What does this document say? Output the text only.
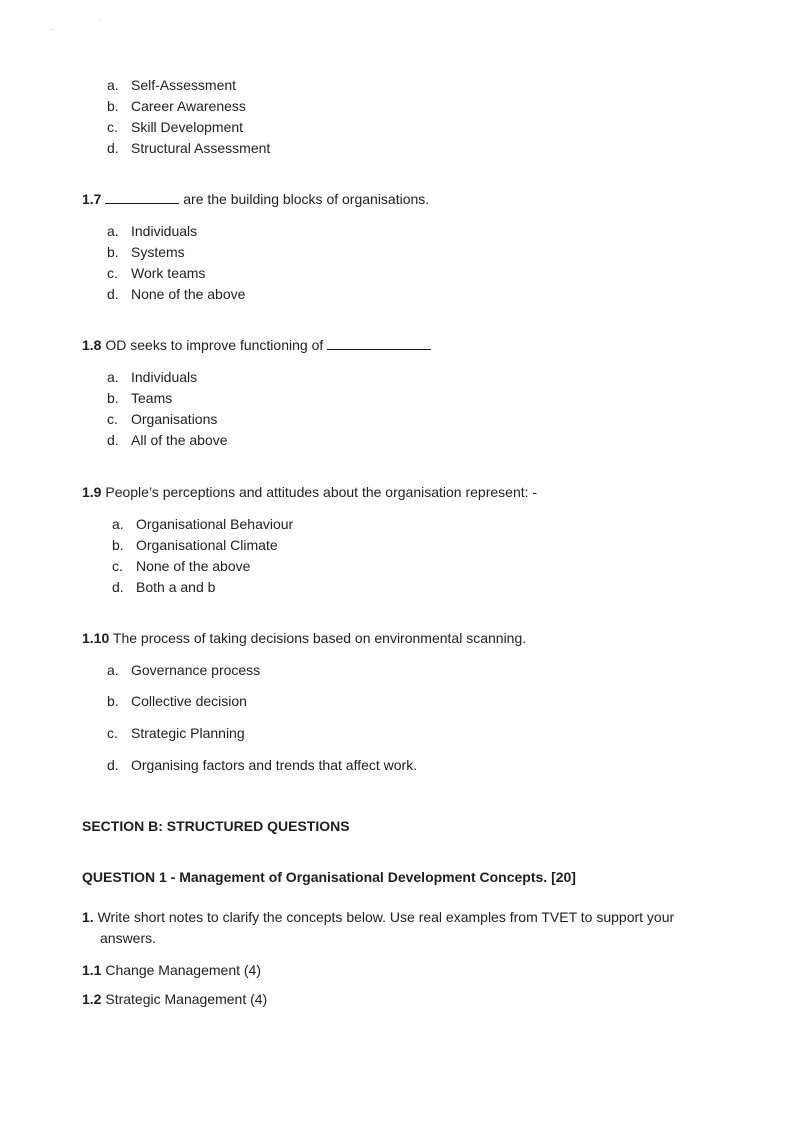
..	'
a. Self-Assessment
b. Career Awareness
c. Skill Development
d. Structural Assessment
1.7	are the building blocks of organisations.
a. Individuals
b. Systems
c. Work teams
d. None of the above
1.8 OD seeks to improve functioning of
a. Individuals
b. Teams
c. Organisations
d. All of the above
1.9 People’s perceptions and attitudes about the organisation represent: -
a. Organisational Behaviour
b. Organisational Climate
c. None of the above
d. Both a and b
1.10 The process of taking decisions based on environmental scanning.
a. Governance process
b. Collective decision
c. Strategic Planning
d. Organising factors and trends that affect work.
SECTION B: STRUCTURED QUESTIONS
QUESTION 1 - Management of Organisational Development Concepts. [20]
1. Write short notes to clarify the concepts below. Use real examples from TVET to support your
answers.
1.1 Change Management (4)
1.2 Strategic Management (4)
